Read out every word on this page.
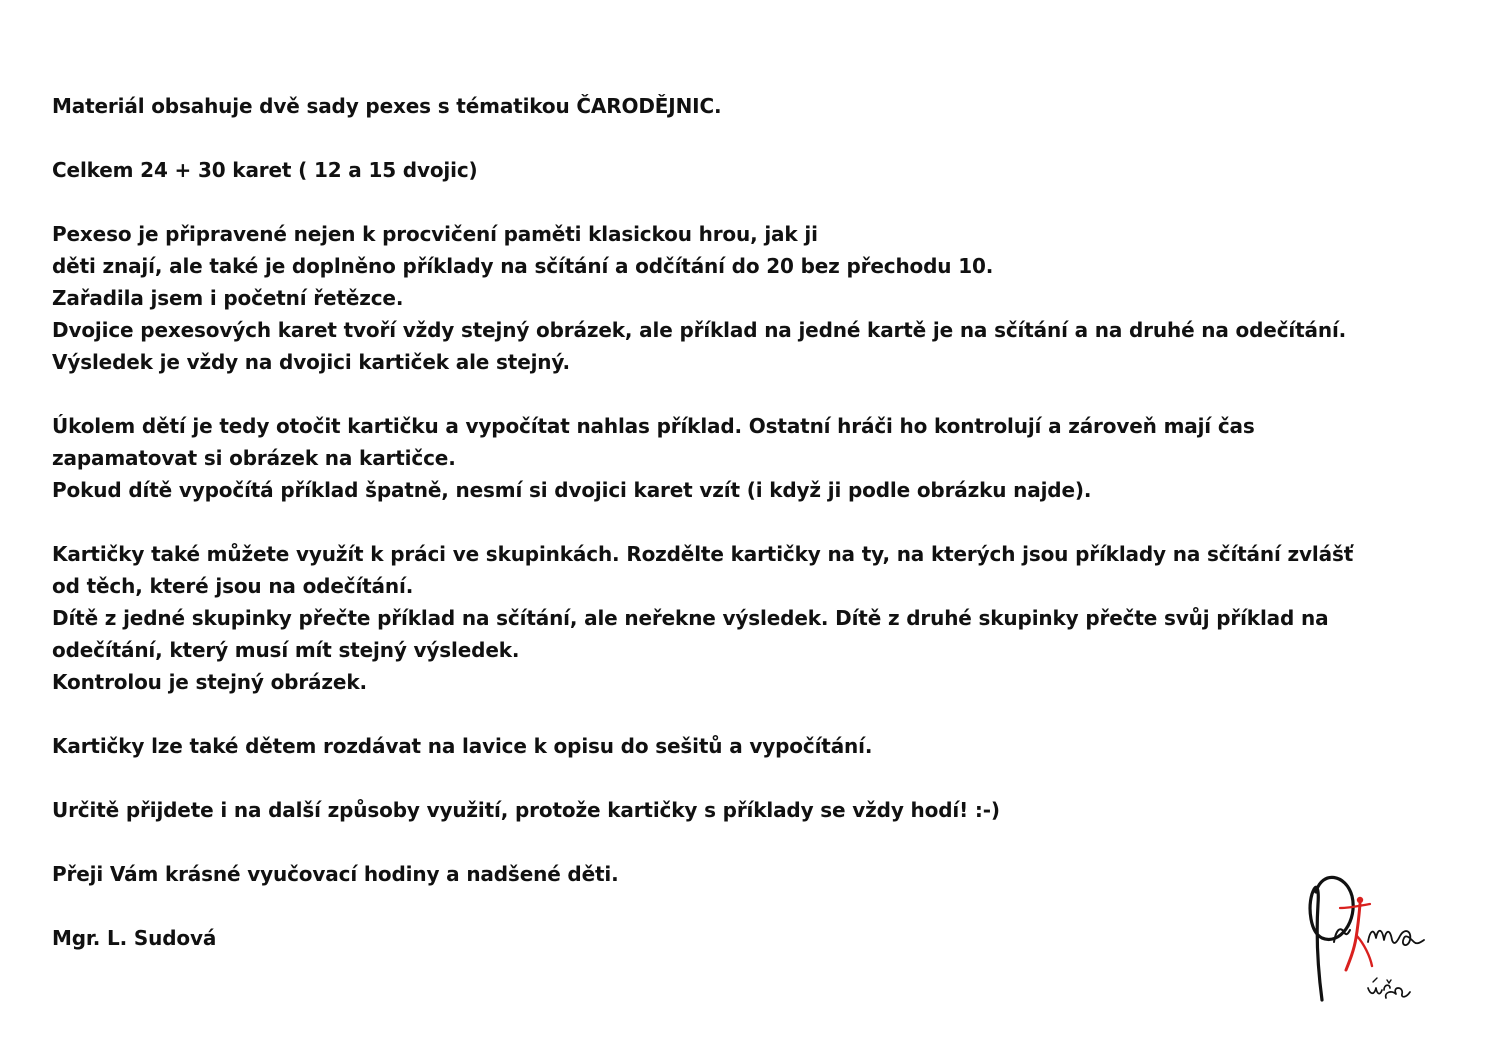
Materiál obsahuje dvě sady pexes s tématikou ČARODĚJNIC.
Celkem 24 + 30 karet ( 12 a 15 dvojic)
Pexeso je připravené nejen k procvičení paměti klasickou hrou, jak ji
děti znají, ale také je doplněno příklady na sčítání a odčítání do 20 bez přechodu 10.
Zařadila jsem i početní řetězce.
Dvojice pexesových karet tvoří vždy stejný obrázek, ale příklad na jedné kartě je na sčítání a na druhé na odečítání.
Výsledek je vždy na dvojici kartiček ale stejný.
Úkolem dětí je tedy otočit kartičku a vypočítat nahlas příklad. Ostatní hráči ho kontrolují a zároveň mají čas
zapamatovat si obrázek na kartičce.
Pokud dítě vypočítá příklad špatně, nesmí si dvojici karet vzít (i když ji podle obrázku najde).
Kartičky také můžete využít k práci ve skupinkách. Rozdělte kartičky na ty, na kterých jsou příklady na sčítání zvlášť
od těch, které jsou na odečítání.
Dítě z jedné skupinky přečte příklad na sčítání, ale neřekne výsledek. Dítě z druhé skupinky přečte svůj příklad na
odečítání, který musí mít stejný výsledek.
Kontrolou je stejný obrázek.
Kartičky lze také dětem rozdávat na lavice k opisu do sešitů a vypočítání.
Určitě přijdete i na další způsoby využití, protože kartičky s příklady se vždy hodí! :-)
Přeji Vám krásné vyučovací hodiny a nadšené děti.
Mgr. L. Sudová
